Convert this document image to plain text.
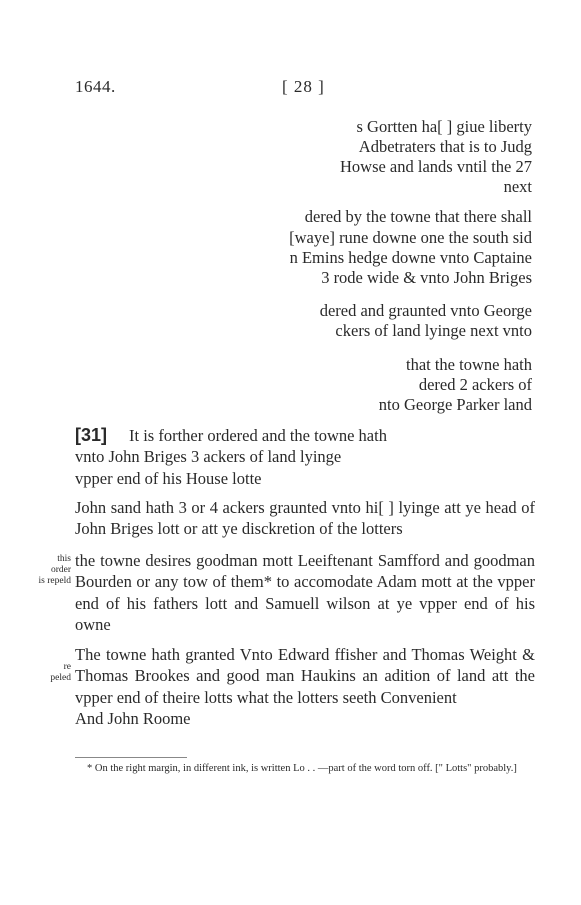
1644.	[ 28 ]
s Gortten ha[ ] giue liberty
Adbetraters that is to Judg
Howse and lands vntil the 27
next
dered by the towne that there shall
[waye] rune downe one the south sid
n Emins hedge downe vnto Captaine
3 rode wide & vnto John Briges
dered and graunted vnto George
ckers of land lyinge next vnto
that the towne hath
dered 2 ackers of
nto George Parker land

[31] It is forther ordered and the towne hath

vnto John Briges 3 ackers of land lyinge

vpper end of his House lotte

John sand hath 3 or 4 ackers graunted vnto hi[ ] lyinge att ye head of John Briges lott or att ye disckretion of the lotters

this
order
is repeld

the towne desires goodman mott Leeiftenant Samfford and goodman Bourden or any tow of them* to accomodate Adam mott at the vpper end of his fathers lott and Samuell wilson at ye vpper end of his owne

re
peled

The towne hath granted Vnto Edward ffisher and Thomas Weight & Thomas Brookes and good man Haukins an adition of land att the vpper end of theire lotts what the lotters seeth Convenient

And John Roome

* On the right margin, in different ink, is written Lo . . —part of the word torn off. [" Lotts" probably.]
